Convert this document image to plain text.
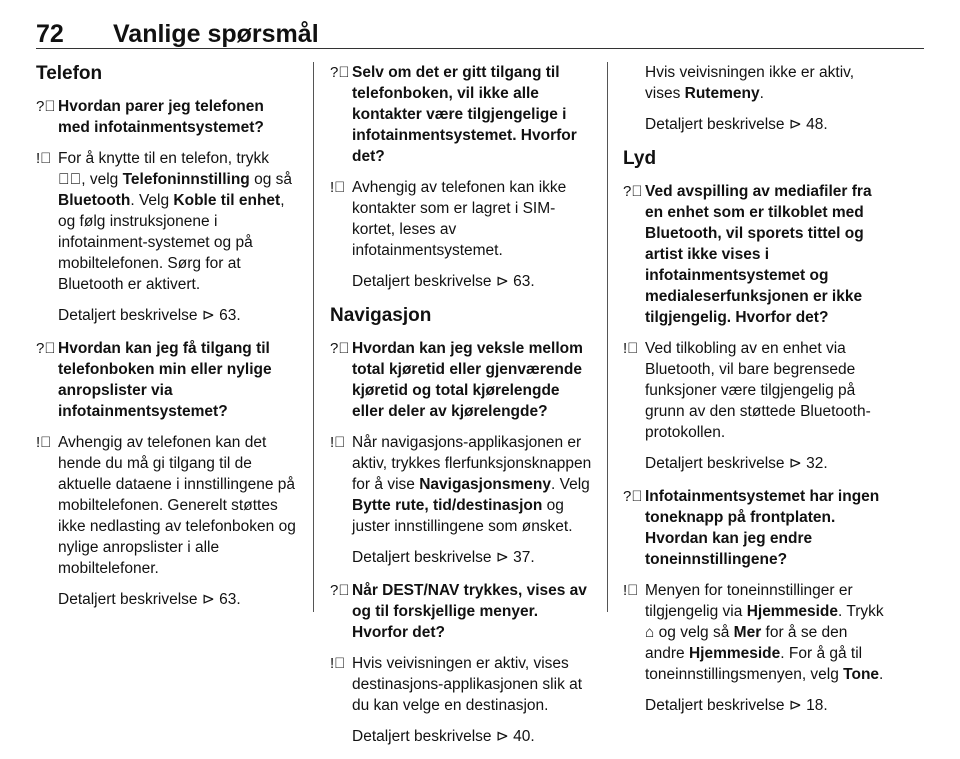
72 Vanlige spørsmål
Telefon
?⃝ Hvordan parer jeg telefonen med infotainmentsystemet?
!⃝ For å knytte til en telefon, trykk ☏⃠, velg Telefoninnstilling og så Bluetooth. Velg Koble til enhet, og følg instruksjonene i infotainment-systemet og på mobiltelefonen. Sørg for at Bluetooth er aktivert.
Detaljert beskrivelse ⊳ 63.
?⃝ Hvordan kan jeg få tilgang til telefonboken min eller nylige anropslister via infotainmentsystemet?
!⃝ Avhengig av telefonen kan det hende du må gi tilgang til de aktuelle dataene i innstillingene på mobiltelefonen. Generelt støttes ikke nedlasting av telefonboken og nylige anropslister i alle mobiltelefoner.
Detaljert beskrivelse ⊳ 63.
?⃝ Selv om det er gitt tilgang til telefonboken, vil ikke alle kontakter være tilgjengelige i infotainmentsystemet. Hvorfor det?
!⃝ Avhengig av telefonen kan ikke kontakter som er lagret i SIM-kortet, leses av infotainmentsystemet.
Detaljert beskrivelse ⊳ 63.
Navigasjon
?⃝ Hvordan kan jeg veksle mellom total kjøretid eller gjenværende kjøretid og total kjørelengde eller deler av kjørelengde?
!⃝ Når navigasjons-applikasjonen er aktiv, trykkes flerfunksjonsknappen for å vise Navigasjonsmeny. Velg Bytte rute, tid/destinasjon og juster innstillingene som ønsket.
Detaljert beskrivelse ⊳ 37.
?⃝ Når DEST/NAV trykkes, vises av og til forskjellige menyer. Hvorfor det?
!⃝ Hvis veivisningen er aktiv, vises destinasjons-applikasjonen slik at du kan velge en destinasjon.
Detaljert beskrivelse ⊳ 40.
Hvis veivisningen ikke er aktiv, vises Rutemeny.
Detaljert beskrivelse ⊳ 48.
Lyd
?⃝ Ved avspilling av mediafiler fra en enhet som er tilkoblet med Bluetooth, vil sporets tittel og artist ikke vises i infotainmentsystemet og medialeserfunksjonen er ikke tilgjengelig. Hvorfor det?
!⃝ Ved tilkobling av en enhet via Bluetooth, vil bare begrensede funksjoner være tilgjengelig på grunn av den støttede Bluetooth-protokollen.
Detaljert beskrivelse ⊳ 32.
?⃝ Infotainmentsystemet har ingen toneknapp på frontplaten. Hvordan kan jeg endre toneinnstillingene?
!⃝ Menyen for toneinnstillinger er tilgjengelig via Hjemmeside. Trykk ⌂ og velg så Mer for å se den andre Hjemmeside. For å gå til toneinnstillingsmenyen, velg Tone.
Detaljert beskrivelse ⊳ 18.
